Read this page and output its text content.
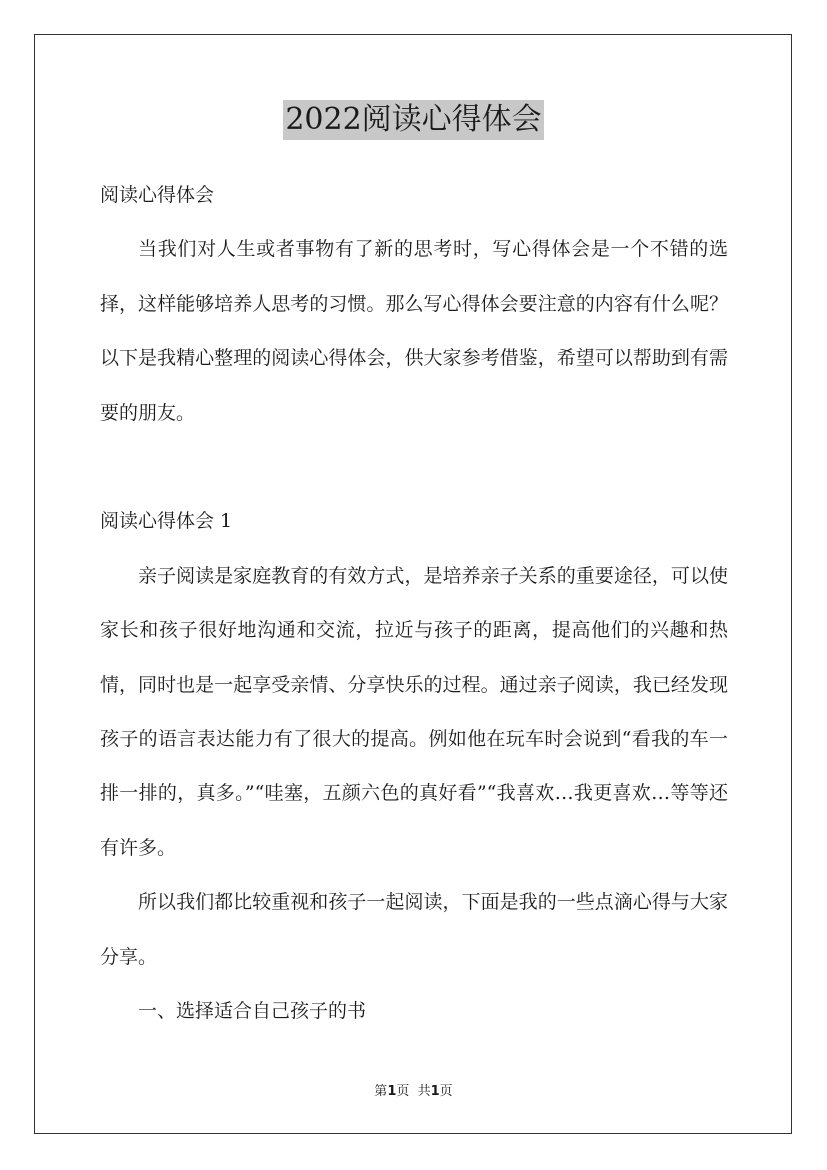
2022阅读心得体会

阅读心得体会

当我们对人生或者事物有了新的思考时，写心得体会是一个不错的选择，这样能够培养人思考的习惯。那么写心得体会要注意的内容有什么呢？以下是我精心整理的阅读心得体会，供大家参考借鉴，希望可以帮助到有需要的朋友。

阅读心得体会 1

亲子阅读是家庭教育的有效方式，是培养亲子关系的重要途径，可以使家长和孩子很好地沟通和交流，拉近与孩子的距离，提高他们的兴趣和热情，同时也是一起享受亲情、分享快乐的过程。通过亲子阅读，我已经发现孩子的语言表达能力有了很大的提高。例如他在玩车时会说到“看我的车一排一排的，真多。”“哇塞，五颜六色的真好看”“我喜欢…我更喜欢…等等还有许多。

所以我们都比较重视和孩子一起阅读，下面是我的一些点滴心得与大家分享。

一、选择适合自己孩子的书

第1页  共1页
